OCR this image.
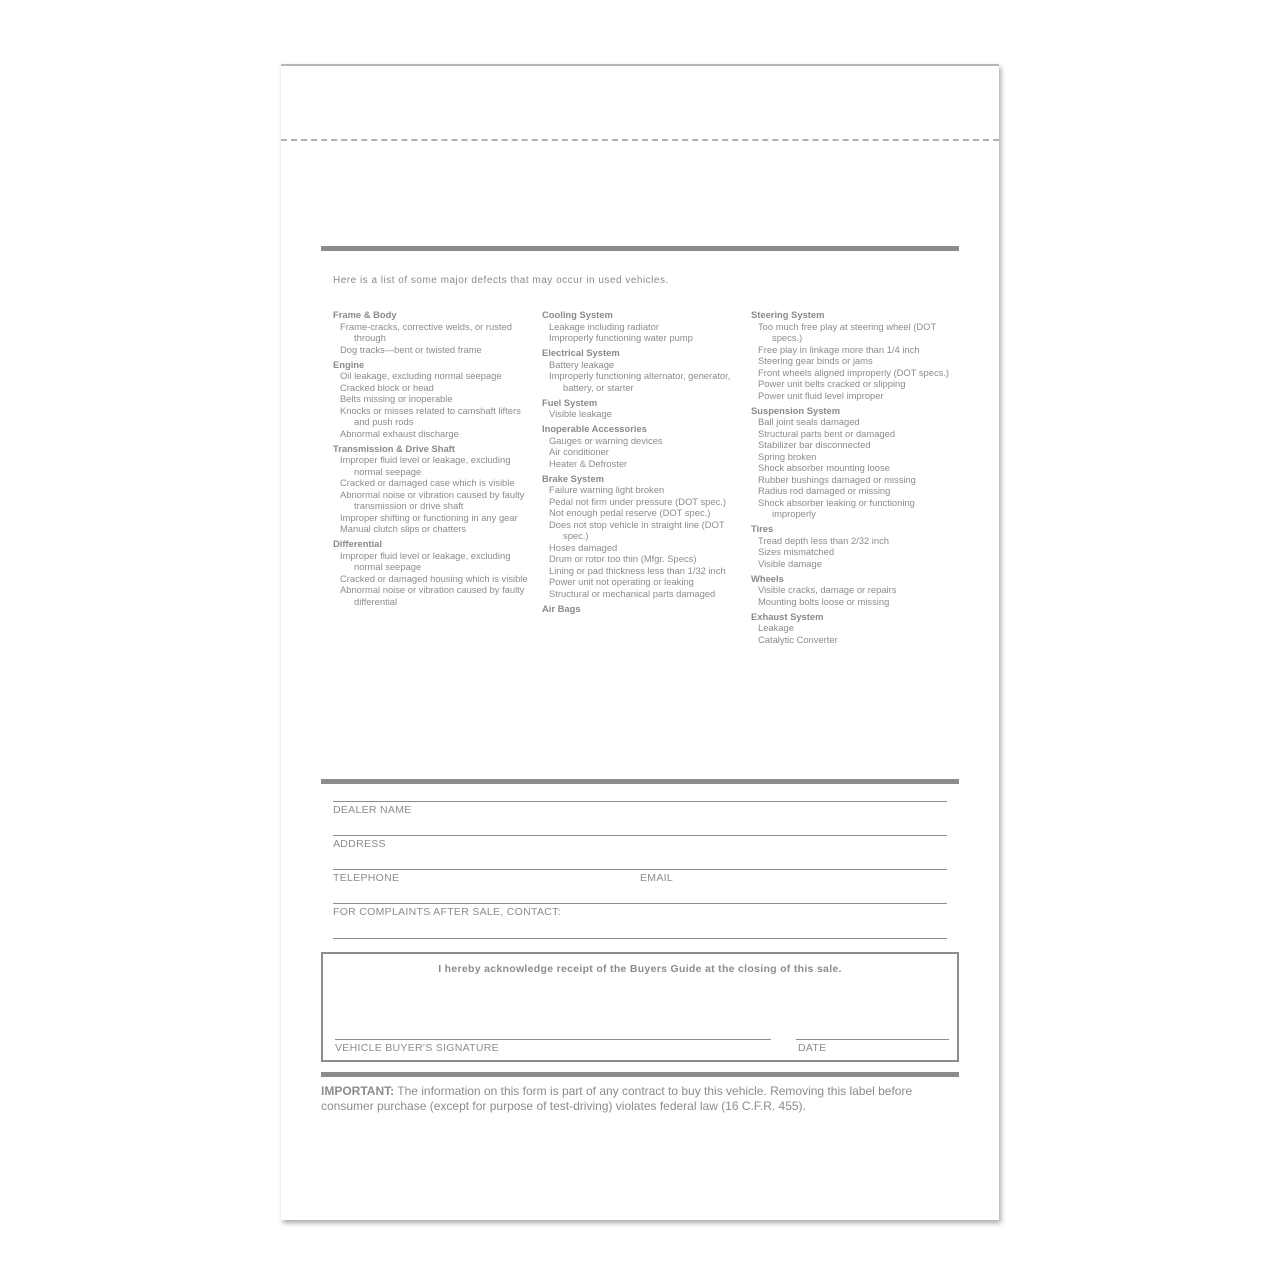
Here is a list of some major defects that may occur in used vehicles.
Frame & Body
Frame-cracks, corrective welds, or rusted through
Dog tracks—bent or twisted frame
Engine
Oil leakage, excluding normal seepage
Cracked block or head
Belts missing or inoperable
Knocks or misses related to camshaft lifters and push rods
Abnormal exhaust discharge
Transmission & Drive Shaft
Improper fluid level or leakage, excluding normal seepage
Cracked or damaged case which is visible
Abnormal noise or vibration caused by faulty transmission or drive shaft
Improper shifting or functioning in any gear
Manual clutch slips or chatters
Differential
Improper fluid level or leakage, excluding normal seepage
Cracked or damaged housing which is visible
Abnormal noise or vibration caused by faulty differential
Cooling System
Leakage including radiator
Improperly functioning water pump
Electrical System
Battery leakage
Improperly functioning alternator, generator, battery, or starter
Fuel System
Visible leakage
Inoperable Accessories
Gauges or warning devices
Air conditioner
Heater & Defroster
Brake System
Failure warning light broken
Pedal not firm under pressure (DOT spec.)
Not enough pedal reserve (DOT spec.)
Does not stop vehicle in straight line (DOT spec.)
Hoses damaged
Drum or rotor too thin (Mfgr. Specs)
Lining or pad thickness less than 1/32 inch
Power unit not operating or leaking
Structural or mechanical parts damaged
Air Bags
Steering System
Too much free play at steering wheel (DOT specs.)
Free play in linkage more than 1/4 inch
Steering gear binds or jams
Front wheels aligned improperly (DOT specs.)
Power unit belts cracked or slipping
Power unit fluid level improper
Suspension System
Ball joint seals damaged
Structural parts bent or damaged
Stabilizer bar disconnected
Spring broken
Shock absorber mounting loose
Rubber bushings damaged or missing
Radius rod damaged or missing
Shock absorber leaking or functioning improperly
Tires
Tread depth less than 2/32 inch
Sizes mismatched
Visible damage
Wheels
Visible cracks, damage or repairs
Mounting bolts loose or missing
Exhaust System
Leakage
Catalytic Converter
DEALER NAME
ADDRESS
TELEPHONE	EMAIL
FOR COMPLAINTS AFTER SALE, CONTACT:
I hereby acknowledge receipt of the Buyers Guide at the closing of this sale.
VEHICLE BUYER'S SIGNATURE	DATE
IMPORTANT: The information on this form is part of any contract to buy this vehicle. Removing this label before consumer purchase (except for purpose of test-driving) violates federal law (16 C.F.R. 455).
